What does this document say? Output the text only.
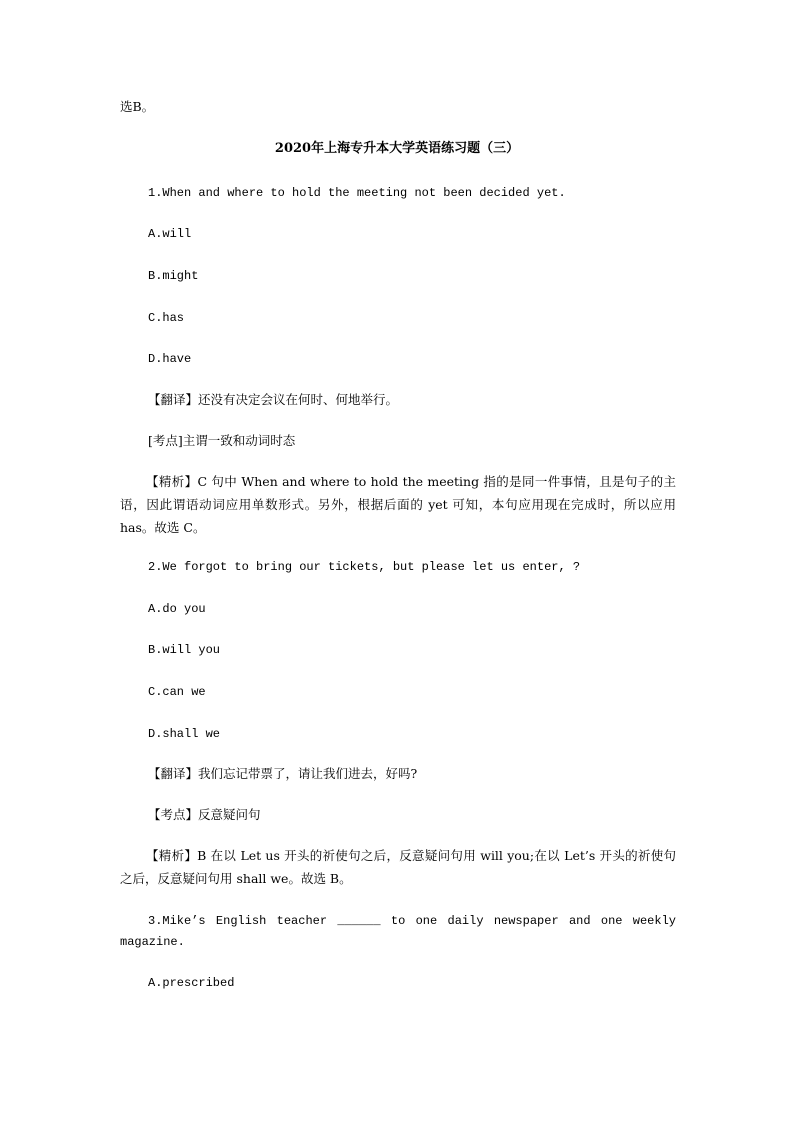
选B。
2020年上海专升本大学英语练习题（三）
1.When and where to hold the meeting not been decided yet.
A.will
B.might
C.has
D.have
【翻译】还没有决定会议在何时、何地举行。
[考点]主谓一致和动词时态
【精析】C 句中 When and where to hold the meeting 指的是同一件事情，且是句子的主语，因此谓语动词应用单数形式。另外，根据后面的 yet 可知，本句应用现在完成时，所以应用 has。故选 C。
2.We forgot to bring our tickets, but please let us enter, ?
A.do you
B.will you
C.can we
D.shall we
【翻译】我们忘记带票了，请让我们进去，好吗?
【考点】反意疑问句
【精析】B 在以 Let us 开头的祈使句之后，反意疑问句用 will you;在以 Let’s 开头的祈使句之后，反意疑问句用 shall we。故选 B。
3.Mike’s English teacher ______ to one daily newspaper and one weekly
magazine.
A.prescribed
